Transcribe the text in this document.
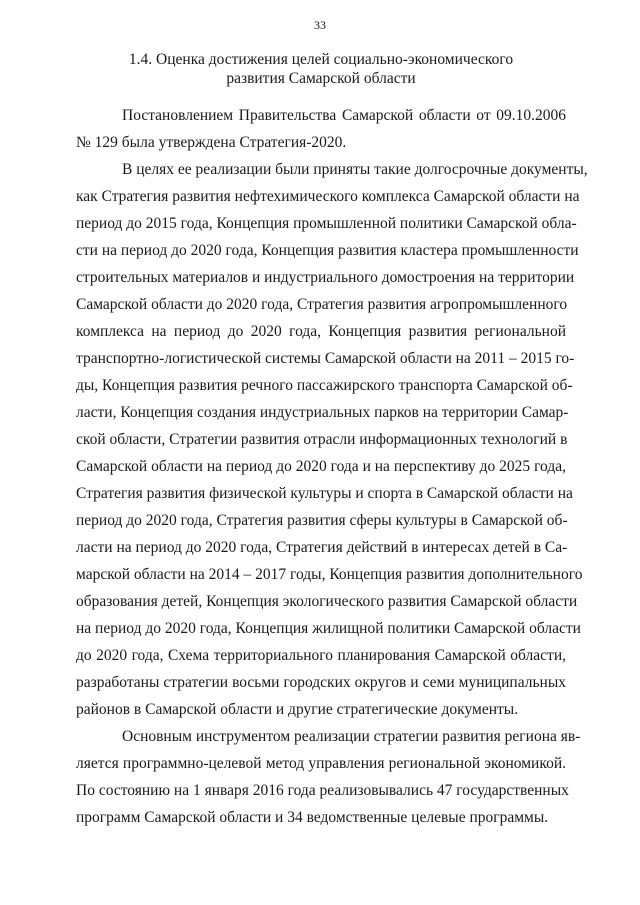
33
1.4. Оценка достижения целей социально-экономического
развития Самарской области

Постановлением Правительства Самарской области от 09.10.2006
№ 129 была утверждена Стратегия-2020.

В целях ее реализации были приняты такие долгосрочные документы,
как Стратегия развития нефтехимического комплекса Самарской области на
период до 2015 года, Концепция промышленной политики Самарской обла-
сти на период до 2020 года, Концепция развития кластера промышленности
строительных материалов и индустриального домостроения на территории
Самарской области до 2020 года, Стратегия развития агропромышленного
комплекса на период до 2020 года, Концепция развития региональной
транспортно-логистической системы Самарской области на 2011 – 2015 го-
ды, Концепция развития речного пассажирского транспорта Самарской об-
ласти, Концепция создания индустриальных парков на территории Самар-
ской области, Стратегии развития отрасли информационных технологий в
Самарской области на период до 2020 года и на перспективу до 2025 года,
Стратегия развития физической культуры и спорта в Самарской области на
период до 2020 года, Стратегия развития сферы культуры в Самарской об-
ласти на период до 2020 года, Стратегия действий в интересах детей в Са-
марской области на 2014 – 2017 годы, Концепция развития дополнительного
образования детей, Концепция экологического развития Самарской области
на период до 2020 года, Концепция жилищной политики Самарской области
до 2020 года, Схема территориального планирования Самарской области,
разработаны стратегии восьми городских округов и семи муниципальных
районов в Самарской области и другие стратегические документы.

Основным инструментом реализации стратегии развития региона яв-
ляется программно-целевой метод управления региональной экономикой.
По состоянию на 1 января 2016 года реализовывались 47 государственных
программ Самарской области и 34 ведомственные целевые программы.
